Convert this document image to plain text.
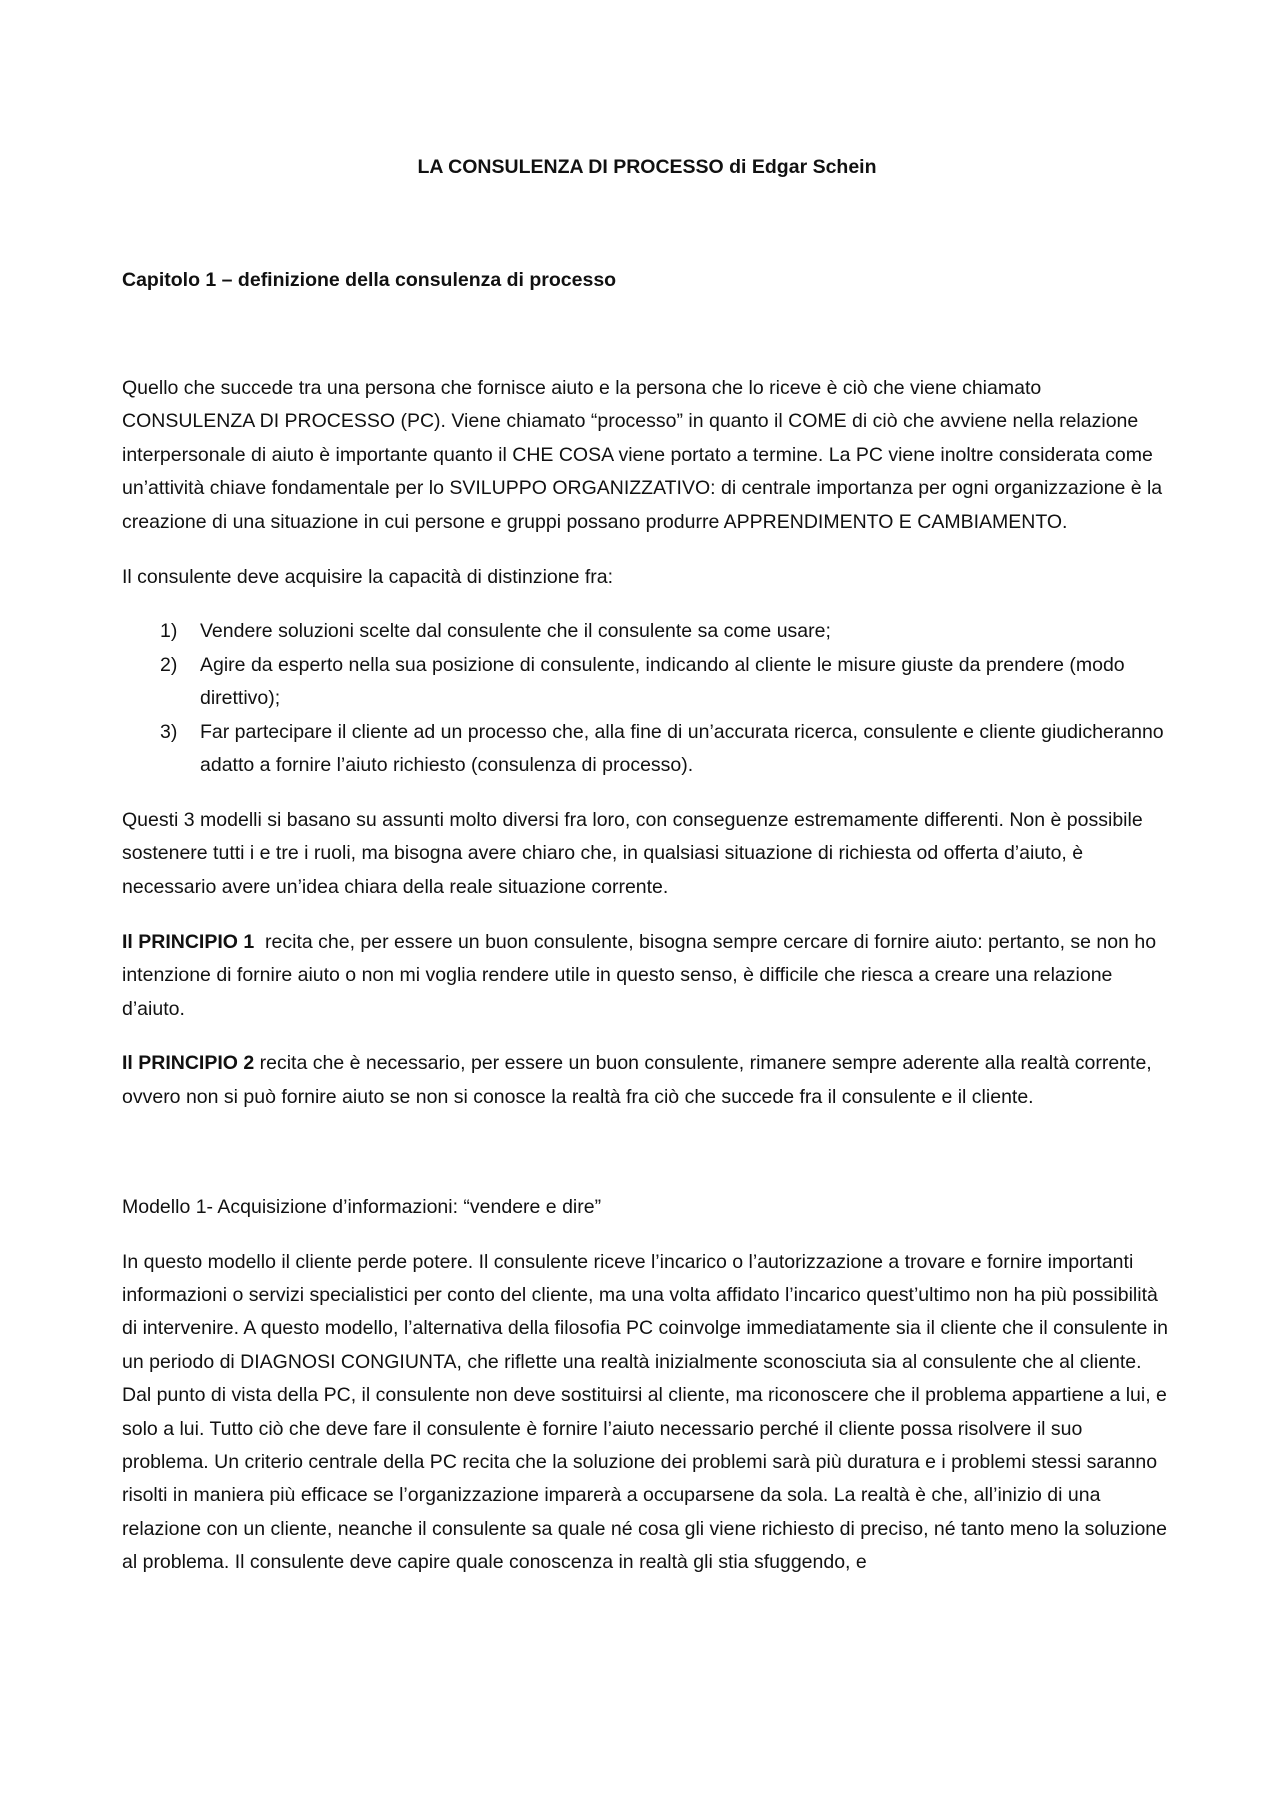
LA CONSULENZA DI PROCESSO di Edgar Schein
Capitolo 1 – definizione della consulenza di processo

Quello che succede tra una persona che fornisce aiuto e la persona che lo riceve è ciò che viene chiamato CONSULENZA DI PROCESSO (PC). Viene chiamato “processo” in quanto il COME di ciò che avviene nella relazione interpersonale di aiuto è importante quanto il CHE COSA viene portato a termine. La PC viene inoltre considerata come un’attività chiave fondamentale per lo SVILUPPO ORGANIZZATIVO: di centrale importanza per ogni organizzazione è la creazione di una situazione in cui persone e gruppi possano produrre APPRENDIMENTO E CAMBIAMENTO.

Il consulente deve acquisire la capacità di distinzione fra:

1) Vendere soluzioni scelte dal consulente che il consulente sa come usare;
2) Agire da esperto nella sua posizione di consulente, indicando al cliente le misure giuste da prendere (modo direttivo);
3) Far partecipare il cliente ad un processo che, alla fine di un’accurata ricerca, consulente e cliente giudicheranno adatto a fornire l’aiuto richiesto (consulenza di processo).

Questi 3 modelli si basano su assunti molto diversi fra loro, con conseguenze estremamente differenti. Non è possibile sostenere tutti i e tre i ruoli, ma bisogna avere chiaro che, in qualsiasi situazione di richiesta od offerta d’aiuto, è necessario avere un’idea chiara della reale situazione corrente.

Il PRINCIPIO 1  recita che, per essere un buon consulente, bisogna sempre cercare di fornire aiuto: pertanto, se non ho intenzione di fornire aiuto o non mi voglia rendere utile in questo senso, è difficile che riesca a creare una relazione d’aiuto.

Il PRINCIPIO 2 recita che è necessario, per essere un buon consulente, rimanere sempre aderente alla realtà corrente, ovvero non si può fornire aiuto se non si conosce la realtà fra ciò che succede fra il consulente e il cliente.

Modello 1- Acquisizione d’informazioni: “vendere e dire”

In questo modello il cliente perde potere. Il consulente riceve l’incarico o l’autorizzazione a trovare e fornire importanti informazioni o servizi specialistici per conto del cliente, ma una volta affidato l’incarico quest’ultimo non ha più possibilità di intervenire. A questo modello, l’alternativa della filosofia PC coinvolge immediatamente sia il cliente che il consulente in un periodo di DIAGNOSI CONGIUNTA, che riflette una realtà inizialmente sconosciuta sia al consulente che al cliente. Dal punto di vista della PC, il consulente non deve sostituirsi al cliente, ma riconoscere che il problema appartiene a lui, e solo a lui. Tutto ciò che deve fare il consulente è fornire l’aiuto necessario perché il cliente possa risolvere il suo problema. Un criterio centrale della PC recita che la soluzione dei problemi sarà più duratura e i problemi stessi saranno risolti in maniera più efficace se l’organizzazione imparerà a occuparsene da sola. La realtà è che, all’inizio di una relazione con un cliente, neanche il consulente sa quale né cosa gli viene richiesto di preciso, né tanto meno la soluzione al problema. Il consulente deve capire quale conoscenza in realtà gli stia sfuggendo, e
